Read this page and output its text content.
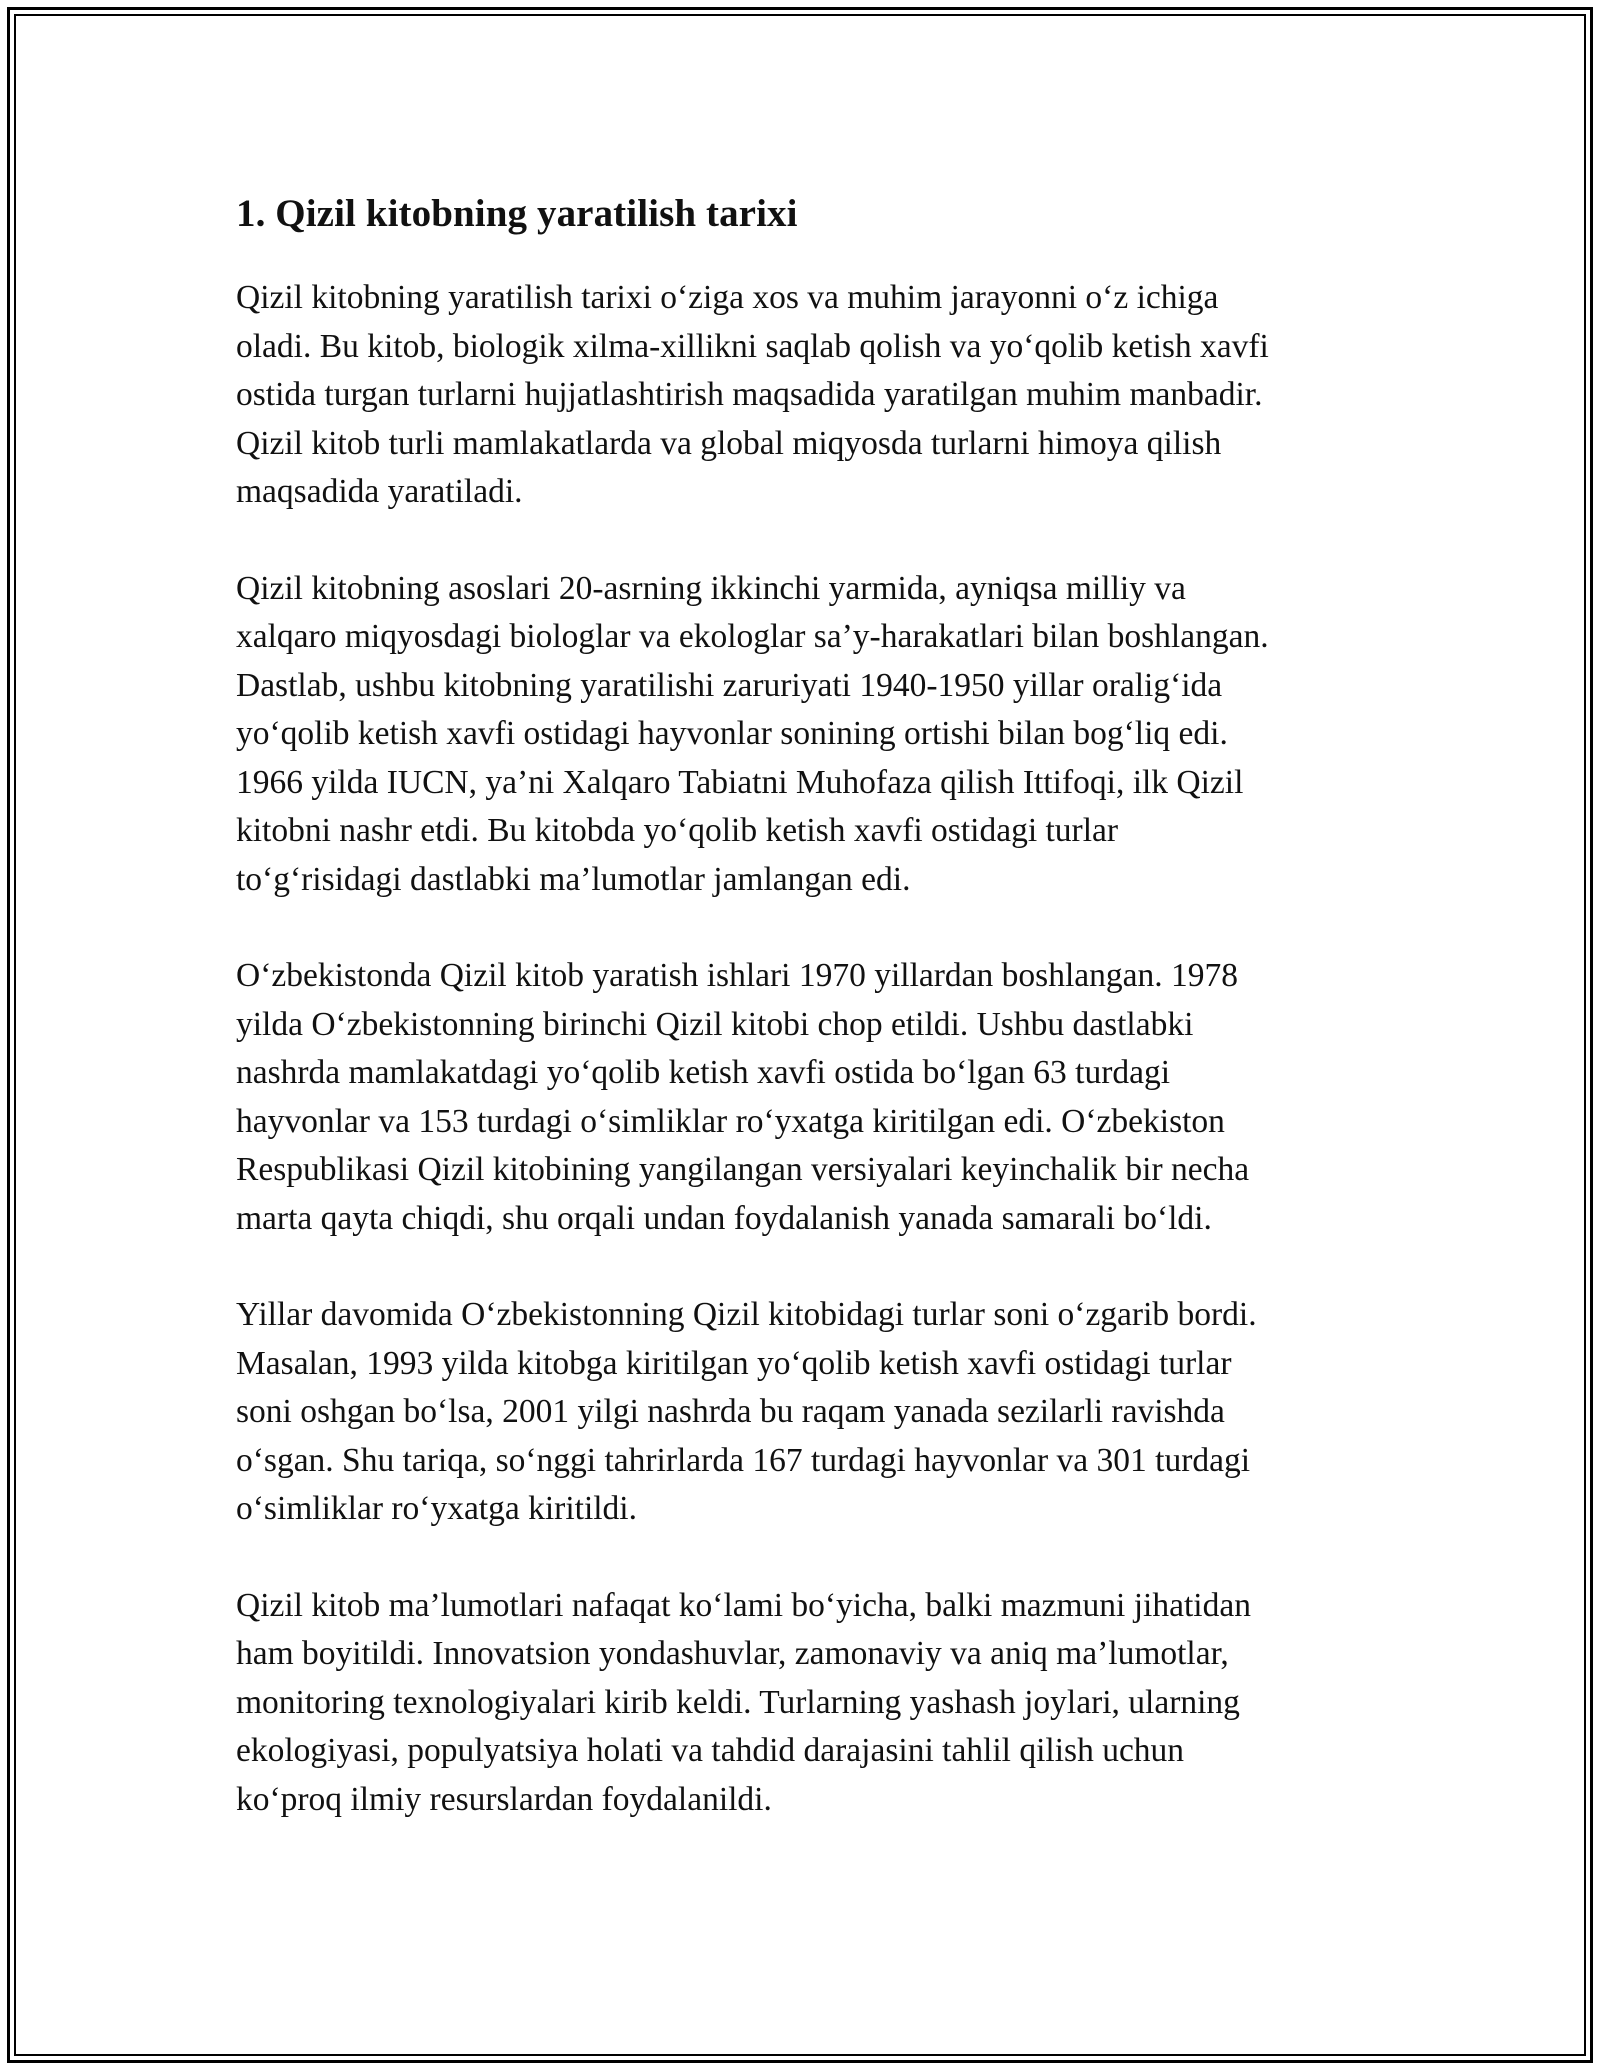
1. Qizil kitobning yaratilish tarixi

Qizil kitobning yaratilish tarixi o‘ziga xos va muhim jarayonni o‘z ichiga
oladi. Bu kitob, biologik xilma-xillikni saqlab qolish va yo‘qolib ketish xavfi
ostida turgan turlarni hujjatlashtirish maqsadida yaratilgan muhim manbadir.
Qizil kitob turli mamlakatlarda va global miqyosda turlarni himoya qilish
maqsadida yaratiladi.

Qizil kitobning asoslari 20-asrning ikkinchi yarmida, ayniqsa milliy va
xalqaro miqyosdagi biologlar va ekologlar sa’y-harakatlari bilan boshlangan.
Dastlab, ushbu kitobning yaratilishi zaruriyati 1940-1950 yillar oralig‘ida
yo‘qolib ketish xavfi ostidagi hayvonlar sonining ortishi bilan bog‘liq edi.
1966 yilda IUCN, ya’ni Xalqaro Tabiatni Muhofaza qilish Ittifoqi, ilk Qizil
kitobni nashr etdi. Bu kitobda yo‘qolib ketish xavfi ostidagi turlar
to‘g‘risidagi dastlabki ma’lumotlar jamlangan edi.

O‘zbekistonda Qizil kitob yaratish ishlari 1970 yillardan boshlangan. 1978
yilda O‘zbekistonning birinchi Qizil kitobi chop etildi. Ushbu dastlabki
nashrda mamlakatdagi yo‘qolib ketish xavfi ostida bo‘lgan 63 turdagi
hayvonlar va 153 turdagi o‘simliklar ro‘yxatga kiritilgan edi. O‘zbekiston
Respublikasi Qizil kitobining yangilangan versiyalari keyinchalik bir necha
marta qayta chiqdi, shu orqali undan foydalanish yanada samarali bo‘ldi.

Yillar davomida O‘zbekistonning Qizil kitobidagi turlar soni o‘zgarib bordi.
Masalan, 1993 yilda kitobga kiritilgan yo‘qolib ketish xavfi ostidagi turlar
soni oshgan bo‘lsa, 2001 yilgi nashrda bu raqam yanada sezilarli ravishda
o‘sgan. Shu tariqa, so‘nggi tahrirlarda 167 turdagi hayvonlar va 301 turdagi
o‘simliklar ro‘yxatga kiritildi.

Qizil kitob ma’lumotlari nafaqat ko‘lami bo‘yicha, balki mazmuni jihatidan
ham boyitildi. Innovatsion yondashuvlar, zamonaviy va aniq ma’lumotlar,
monitoring texnologiyalari kirib keldi. Turlarning yashash joylari, ularning
ekologiyasi, populyatsiya holati va tahdid darajasini tahlil qilish uchun
ko‘proq ilmiy resurslardan foydalanildi.
